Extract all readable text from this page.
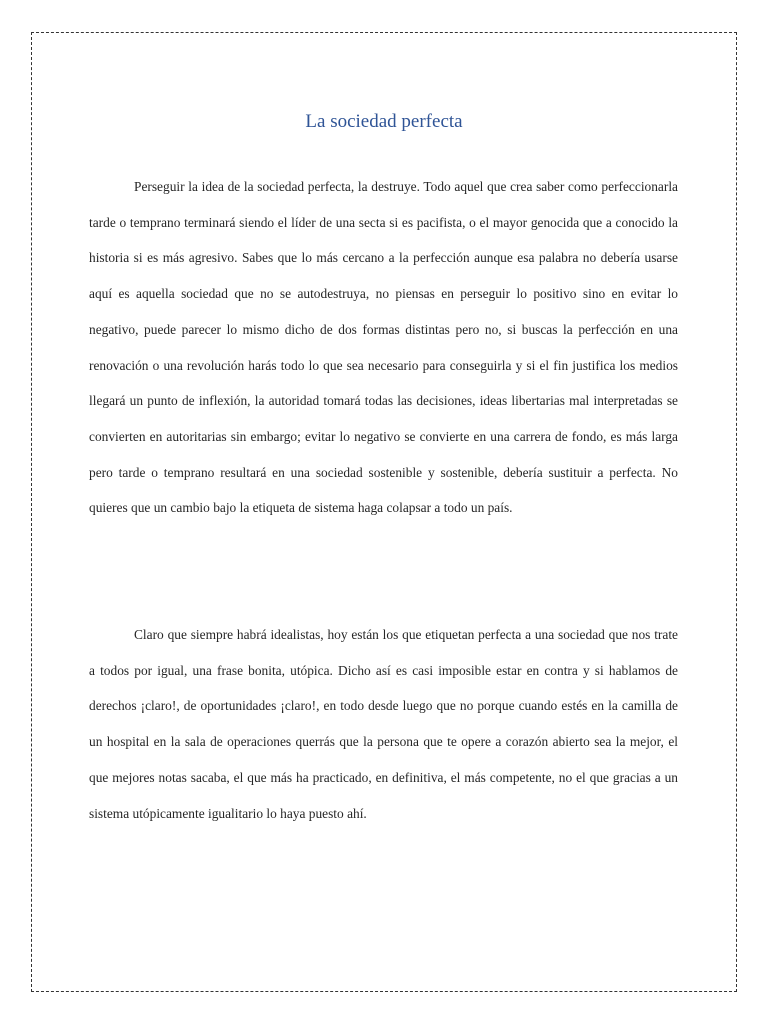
La sociedad perfecta

Perseguir la idea de la sociedad perfecta, la destruye. Todo aquel que crea saber como perfeccionarla tarde o temprano terminará siendo el líder de una secta si es pacifista, o el mayor genocida que a conocido la historia si es más agresivo. Sabes que lo más cercano a la perfección aunque esa palabra no debería usarse aquí es aquella sociedad que no se autodestruya, no piensas en perseguir lo positivo sino en evitar lo negativo, puede parecer lo mismo dicho de dos formas distintas pero no, si buscas la perfección en una renovación o una revolución harás todo lo que sea necesario para conseguirla y si el fin justifica los medios llegará un punto de inflexión, la autoridad tomará todas las decisiones, ideas libertarias mal interpretadas se convierten en autoritarias sin embargo; evitar lo negativo se convierte en una carrera de fondo, es más larga pero tarde o temprano resultará en una sociedad sostenible y sostenible, debería sustituir a perfecta. No quieres que un cambio bajo la etiqueta de sistema haga colapsar a todo un país.

Claro que siempre habrá idealistas, hoy están los que etiquetan perfecta a una sociedad que nos trate a todos por igual, una frase bonita, utópica. Dicho así es casi imposible estar en contra y si hablamos de derechos ¡claro!, de oportunidades ¡claro!, en todo desde luego que no porque cuando estés en la camilla de un hospital en la sala de operaciones querrás que la persona que te opere a corazón abierto sea la mejor, el que mejores notas sacaba, el que más ha practicado, en definitiva, el más competente, no el que gracias a un sistema utópicamente igualitario lo haya puesto ahí.
